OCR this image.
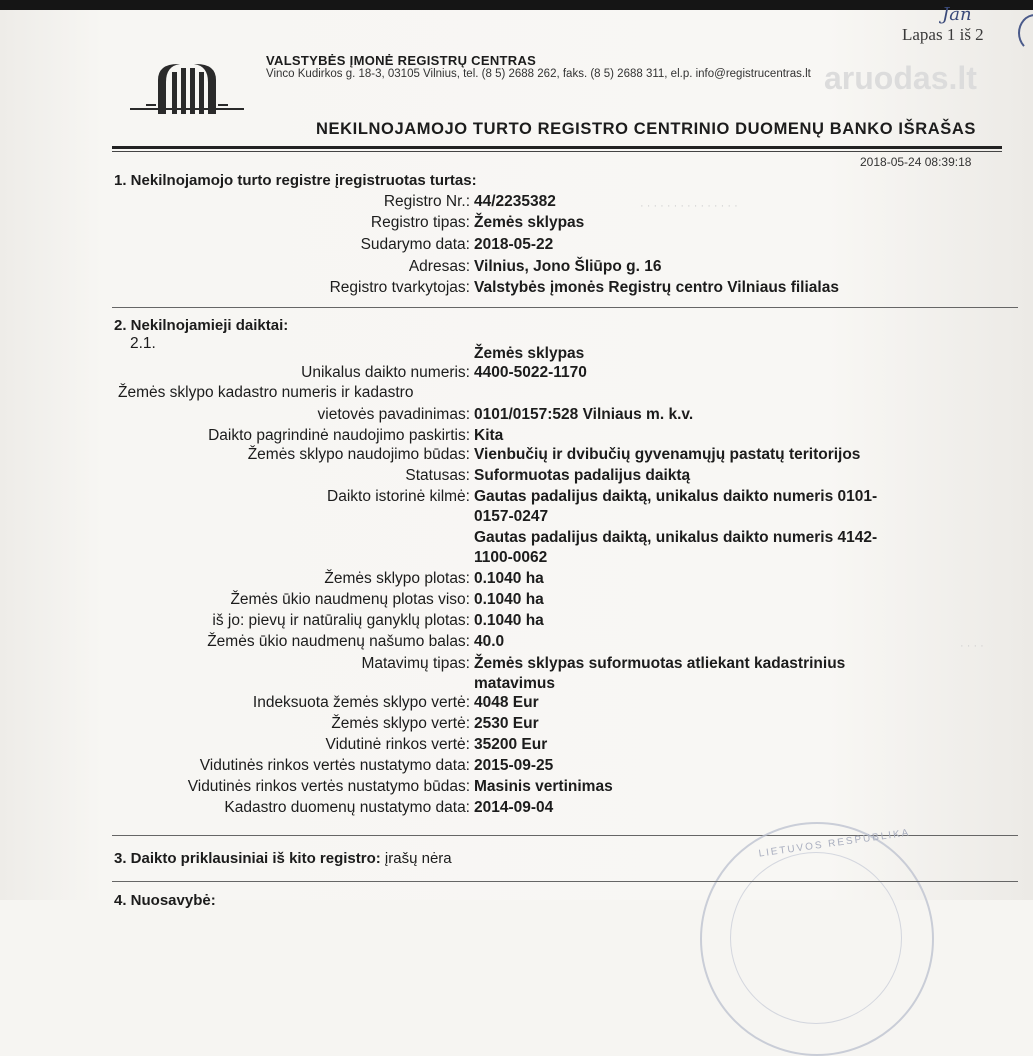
· · · · · · · · · · · · · · ·
· · · ·
Lapas 1 iš 2
Jan
aruodas.lt
VALSTYBĖS ĮMONĖ REGISTRŲ CENTRAS
Vinco Kudirkos g. 18-3, 03105 Vilnius, tel. (8 5) 2688 262, faks. (8 5) 2688 311, el.p. info@registrucentras.lt
NEKILNOJAMOJO TURTO REGISTRO CENTRINIO DUOMENŲ BANKO IŠRAŠAS
2018-05-24 08:39:18
1. Nekilnojamojo turto registre įregistruotas turtas:
Registro Nr.: 44/2235382
Registro tipas: Žemės sklypas
Sudarymo data: 2018-05-22
Adresas: Vilnius, Jono Šliūpo g. 16
Registro tvarkytojas: Valstybės įmonės Registrų centro Vilniaus filialas
2. Nekilnojamieji daiktai:
2.1.
Žemės sklypas
Unikalus daikto numeris: 4400-5022-1170
Žemės sklypo kadastro numeris ir kadastro
vietovės pavadinimas: 0101/0157:528 Vilniaus m. k.v.
Daikto pagrindinė naudojimo paskirtis: Kita
Žemės sklypo naudojimo būdas: Vienbučių ir dvibučių gyvenamųjų pastatų teritorijos
Statusas: Suformuotas padalijus daiktą
Daikto istorinė kilmė: Gautas padalijus daiktą, unikalus daikto numeris 0101-
0157-0247
Gautas padalijus daiktą, unikalus daikto numeris 4142-
1100-0062
Žemės sklypo plotas: 0.1040 ha
Žemės ūkio naudmenų plotas viso: 0.1040 ha
iš jo: pievų ir natūralių ganyklų plotas: 0.1040 ha
Žemės ūkio naudmenų našumo balas: 40.0
Matavimų tipas: Žemės sklypas suformuotas atliekant kadastrinius
matavimus
Indeksuota žemės sklypo vertė: 4048 Eur
Žemės sklypo vertė: 2530 Eur
Vidutinė rinkos vertė: 35200 Eur
Vidutinės rinkos vertės nustatymo data: 2015-09-25
Vidutinės rinkos vertės nustatymo būdas: Masinis vertinimas
Kadastro duomenų nustatymo data: 2014-09-04
LIETUVOS RESPUBLIKA
3. Daikto priklausiniai iš kito registro: įrašų nėra
4. Nuosavybė:
